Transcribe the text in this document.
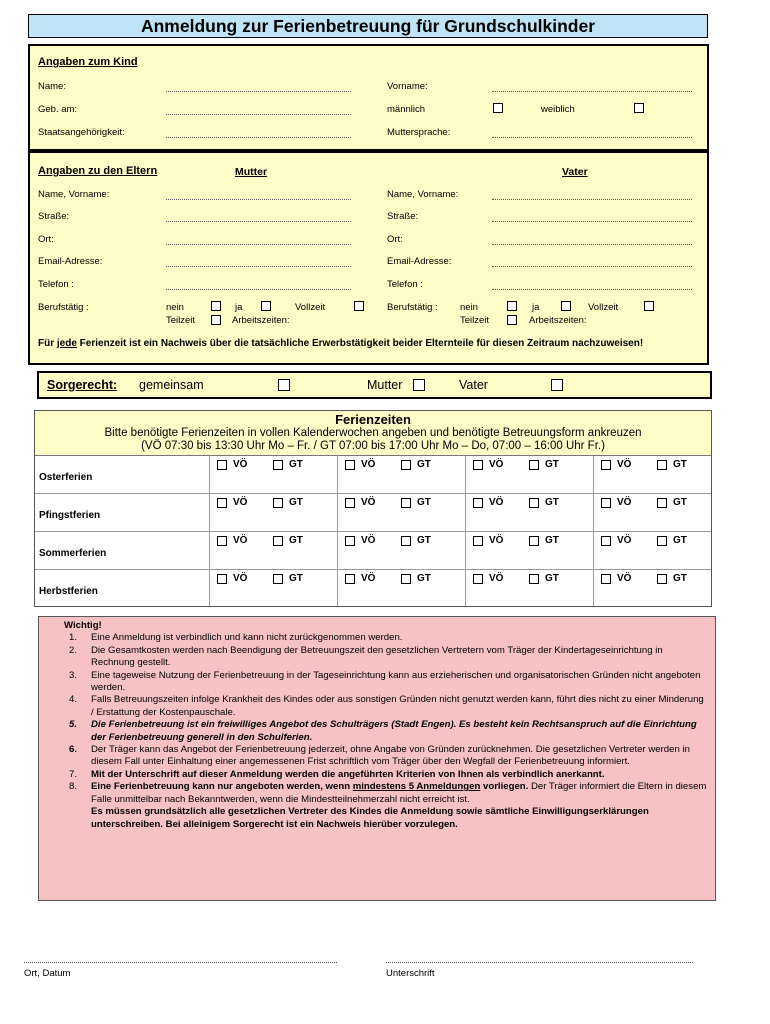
Anmeldung zur Ferienbetreuung für Grundschulkinder
Angaben zum Kind
Name:	Vorname:
Geb. am:	männlich	weiblich
Staatsangehörigkeit:	Muttersprache:
Angaben zu den Eltern	Mutter	Vater
Name, Vorname:
Straße:
Ort:
Email-Adresse:
Telefon :
Berufstätig :	nein	ja	Vollzeit
Teilzeit	Arbeitszeiten:
Name, Vorname:
Straße:
Ort:
Email-Adresse:
Telefon :
Berufstätig : nein	ja	Vollzeit
Teilzeit	Arbeitszeiten:
Für jede Ferienzeit ist ein Nachweis über die tatsächliche Erwerbstätigkeit beider Elternteile für diesen Zeitraum nachzuweisen!
Sorgerecht: gemeinsam	Mutter	Vater
Ferienzeiten
Bitte benötigte Ferienzeiten in vollen Kalenderwochen angeben und benötigte Betreuungsform ankreuzen
(VÖ 07:30 bis 13:30 Uhr Mo – Fr. / GT 07:00 bis 17:00 Uhr Mo – Do, 07:00 – 16:00 Uhr Fr.)
Osterferien
VÖ	GT	VÖ	GT	VÖ	GT	VÖ	GT
Pfingstferien
VÖ	GT	VÖ	GT	VÖ	GT	VÖ	GT
Sommerferien
VÖ	GT	VÖ	GT	VÖ	GT	VÖ	GT
Herbstferien
VÖ	GT	VÖ	GT	VÖ	GT	VÖ	GT
Wichtig!
1. Eine Anmeldung ist verbindlich und kann nicht zurückgenommen werden.
2. Die Gesamtkosten werden nach Beendigung der Betreuungszeit den gesetzlichen Vertretern vom Träger der Kindertageseinrichtung in Rechnung gestellt.
3. Eine tageweise Nutzung der Ferienbetreuung in der Tageseinrichtung kann aus erzieherischen und organisatorischen Gründen nicht angeboten werden.
4. Falls Betreuungszeiten infolge Krankheit des Kindes oder aus sonstigen Gründen nicht genutzt werden kann, führt dies nicht zu einer Minderung / Erstattung der Kostenpauschale.
5. Die Ferienbetreuung ist ein freiwilliges Angebot des Schulträgers (Stadt Engen). Es besteht kein Rechtsanspruch auf die Einrichtung der Ferienbetreuung generell in den Schulferien.
6. Der Träger kann das Angebot der Ferienbetreuung jederzeit, ohne Angabe von Gründen zurücknehmen. Die gesetzlichen Vertreter werden in diesem Fall unter Einhaltung einer angemessenen Frist schriftlich vom Träger über den Wegfall der Ferienbetreuung informiert.
7. Mit der Unterschrift auf dieser Anmeldung werden die angeführten Kriterien von Ihnen als verbindlich anerkannt.
8. Eine Ferienbetreuung kann nur angeboten werden, wenn mindestens 5 Anmeldungen vorliegen. Der Träger informiert die Eltern in diesem Falle unmittelbar nach Bekanntwerden, wenn die Mindestteilnehmerzahl nicht erreicht ist.
Es müssen grundsätzlich alle gesetzlichen Vertreter des Kindes die Anmeldung sowie sämtliche Einwilligungserklärungen unterschreiben. Bei alleinigem Sorgerecht ist ein Nachweis hierüber vorzulegen.
Ort, Datum	Unterschrift
